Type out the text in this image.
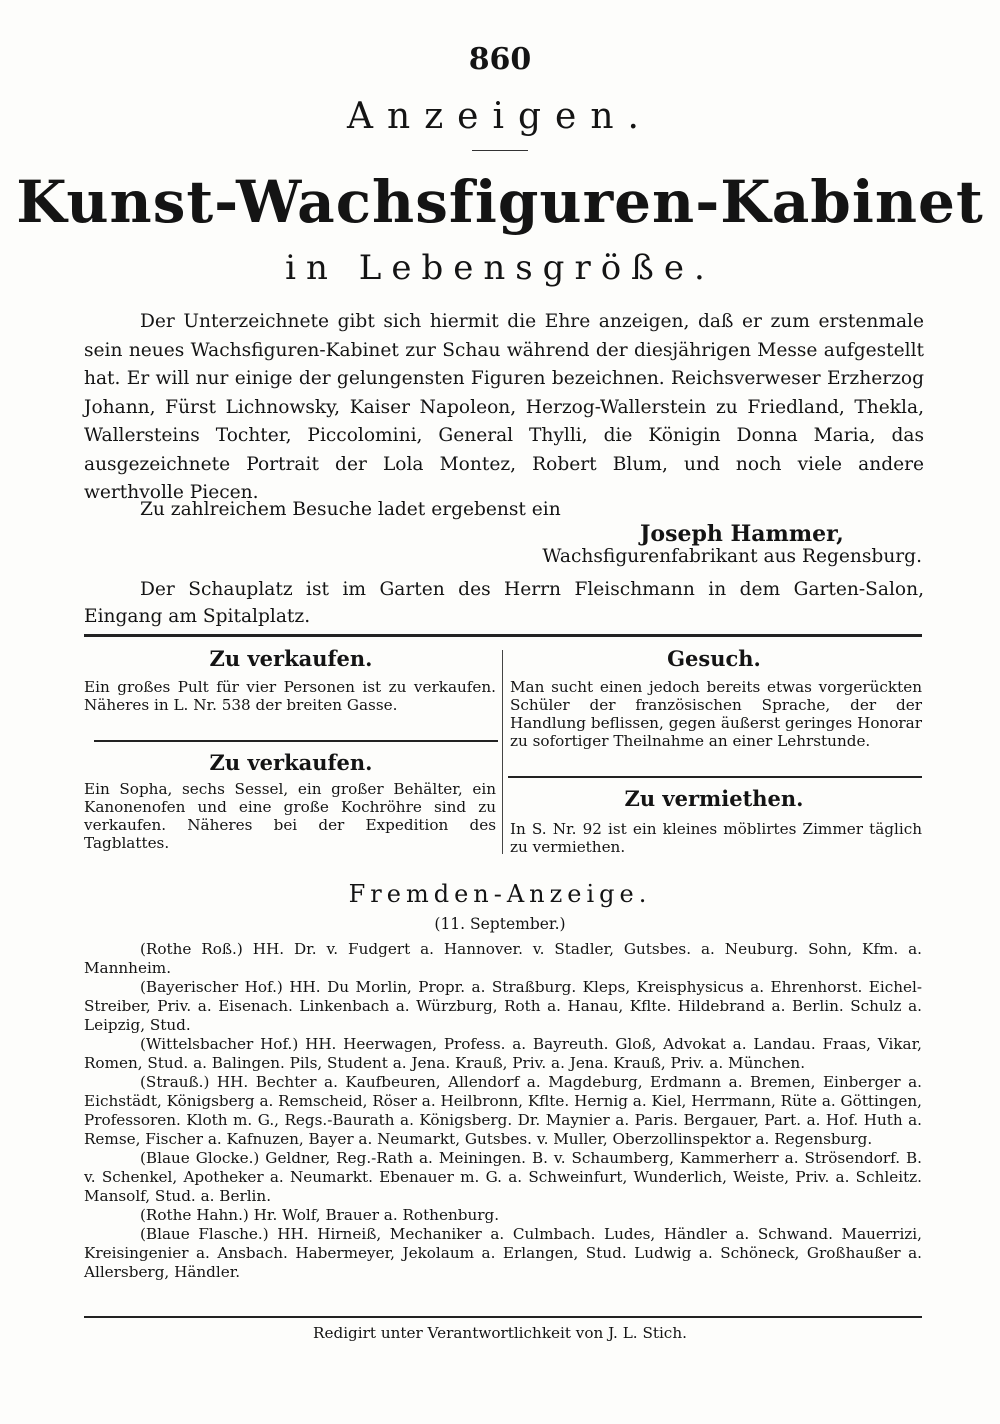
860
Anzeigen.
Kunst-Wachsfiguren-Kabinet
in Lebensgröße.

Der Unterzeichnete gibt sich hiermit die Ehre anzeigen, daß er zum erstenmale sein neues Wachsfiguren-Kabinet zur Schau während der diesjährigen Messe aufgestellt hat. Er will nur einige der gelungensten Figuren bezeichnen. Reichsverweser Erzherzog Johann, Fürst Lichnowsky, Kaiser Napoleon, Herzog-Wallerstein zu Friedland, Thekla, Wallersteins Tochter, Piccolomini, General Thylli, die Königin Donna Maria, das ausgezeichnete Portrait der Lola Montez, Robert Blum, und noch viele andere werthvolle Piecen.

Zu zahlreichem Besuche ladet ergebenst ein
Joseph Hammer,
Wachsfigurenfabrikant aus Regensburg.

Der Schauplatz ist im Garten des Herrn Fleischmann in dem Garten-Salon, Eingang am Spitalplatz.

Zu verkaufen.

Ein großes Pult für vier Personen ist zu verkaufen. Näheres in L. Nr. 538 der breiten Gasse.

Zu verkaufen.

Ein Sopha, sechs Sessel, ein großer Behälter, ein Kanonenofen und eine große Kochröhre sind zu verkaufen. Näheres bei der Expedition des Tagblattes.

Gesuch.

Man sucht einen jedoch bereits etwas vorgerückten Schüler der französischen Sprache, der der Handlung beflissen, gegen äußerst geringes Honorar zu sofortiger Theilnahme an einer Lehrstunde.

Zu vermiethen.

In S. Nr. 92 ist ein kleines möblirtes Zimmer täglich zu vermiethen.

Fremden-Anzeige.
(11. September.)

(Rothe Roß.) HH. Dr. v. Fudgert a. Hannover. v. Stadler, Gutsbes. a. Neuburg. Sohn, Kfm. a. Mannheim.

(Bayerischer Hof.) HH. Du Morlin, Propr. a. Straßburg. Kleps, Kreisphysicus a. Ehrenhorst. Eichel-Streiber, Priv. a. Eisenach. Linkenbach a. Würzburg, Roth a. Hanau, Kflte. Hildebrand a. Berlin. Schulz a. Leipzig, Stud.

(Wittelsbacher Hof.) HH. Heerwagen, Profess. a. Bayreuth. Gloß, Advokat a. Landau. Fraas, Vikar, Romen, Stud. a. Balingen. Pils, Student a. Jena. Krauß, Priv. a. Jena. Krauß, Priv. a. München.

(Strauß.) HH. Bechter a. Kaufbeuren, Allendorf a. Magdeburg, Erdmann a. Bremen, Einberger a. Eichstädt, Königsberg a. Remscheid, Röser a. Heilbronn, Kflte. Hernig a. Kiel, Herrmann, Rüte a. Göttingen, Professoren. Kloth m. G., Regs.-Baurath a. Königsberg. Dr. Maynier a. Paris. Bergauer, Part. a. Hof. Huth a. Remse, Fischer a. Kafnuzen, Bayer a. Neumarkt, Gutsbes. v. Muller, Oberzollinspektor a. Regensburg.

(Blaue Glocke.) Geldner, Reg.-Rath a. Meiningen. B. v. Schaumberg, Kammerherr a. Strösendorf. B. v. Schenkel, Apotheker a. Neumarkt. Ebenauer m. G. a. Schweinfurt, Wunderlich, Weiste, Priv. a. Schleitz. Mansolf, Stud. a. Berlin.

(Rothe Hahn.) Hr. Wolf, Brauer a. Rothenburg.

(Blaue Flasche.) HH. Hirneiß, Mechaniker a. Culmbach. Ludes, Händler a. Schwand. Mauerrizi, Kreisingenier a. Ansbach. Habermeyer, Jekolaum a. Erlangen, Stud. Ludwig a. Schöneck, Großhaußer a. Allersberg, Händler.

Redigirt unter Verantwortlichkeit von J. L. Stich.
